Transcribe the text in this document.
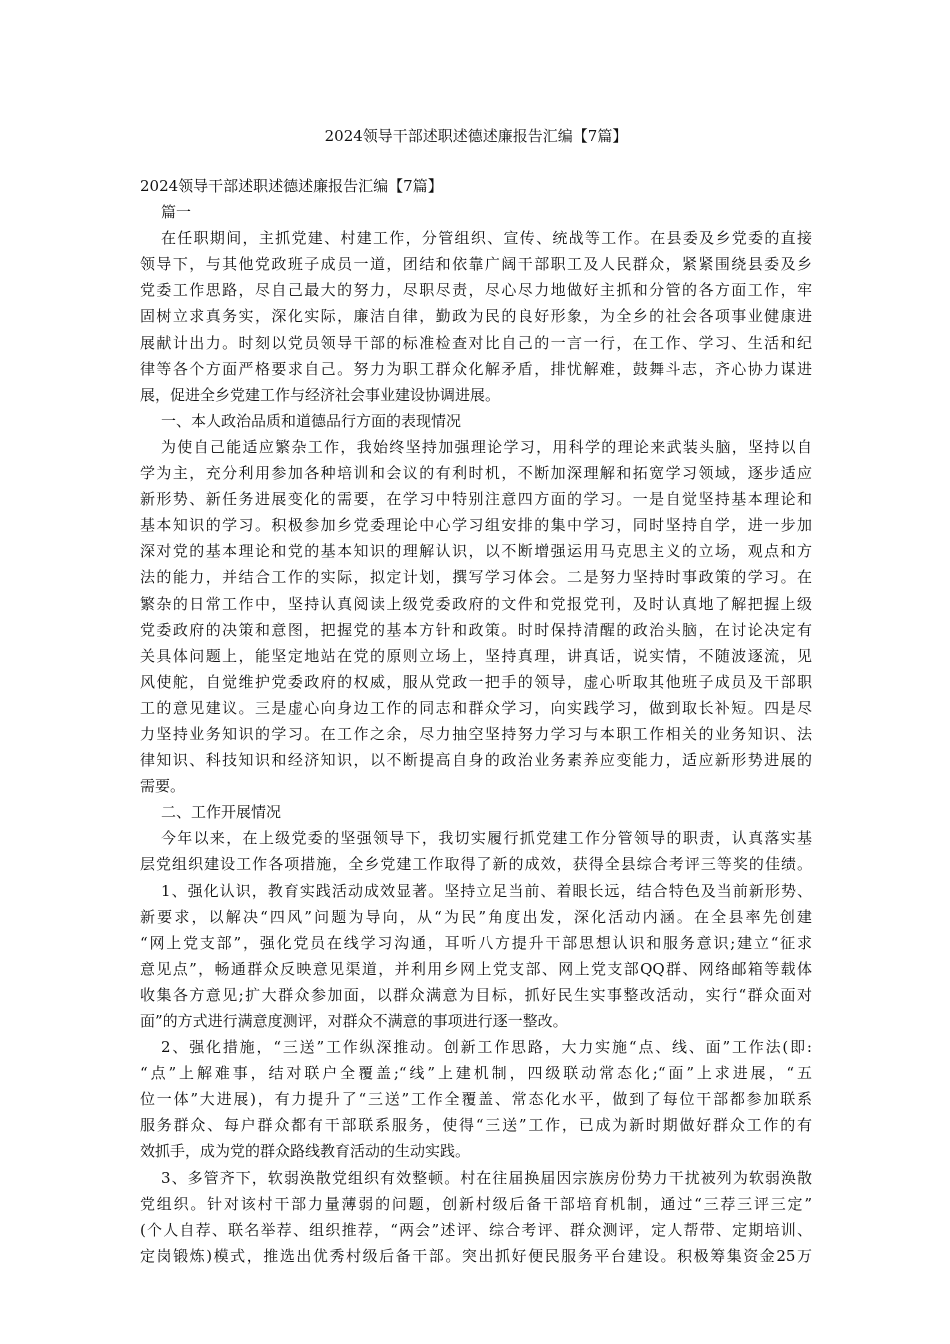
2024领导干部述职述德述廉报告汇编【7篇】
2024领导干部述职述德述廉报告汇编【7篇】
篇一
在任职期间，主抓党建、村建工作，分管组织、宣传、统战等工作。在县委及乡党委的直接
领导下，与其他党政班子成员一道，团结和依靠广阔干部职工及人民群众，紧紧围绕县委及乡
党委工作思路，尽自己最大的努力，尽职尽责，尽心尽力地做好主抓和分管的各方面工作，牢
固树立求真务实，深化实际，廉洁自律，勤政为民的良好形象，为全乡的社会各项事业健康进
展献计出力。时刻以党员领导干部的标准检查对比自己的一言一行，在工作、学习、生活和纪
律等各个方面严格要求自己。努力为职工群众化解矛盾，排忧解难，鼓舞斗志，齐心协力谋进
展，促进全乡党建工作与经济社会事业建设协调进展。
一、本人政治品质和道德品行方面的表现情况
为使自己能适应繁杂工作，我始终坚持加强理论学习，用科学的理论来武装头脑，坚持以自
学为主，充分利用参加各种培训和会议的有利时机，不断加深理解和拓宽学习领域，逐步适应
新形势、新任务进展变化的需要，在学习中特别注意四方面的学习。一是自觉坚持基本理论和
基本知识的学习。积极参加乡党委理论中心学习组安排的集中学习，同时坚持自学，进一步加
深对党的基本理论和党的基本知识的理解认识，以不断增强运用马克思主义的立场，观点和方
法的能力，并结合工作的实际，拟定计划，撰写学习体会。二是努力坚持时事政策的学习。在
繁杂的日常工作中，坚持认真阅读上级党委政府的文件和党报党刊，及时认真地了解把握上级
党委政府的决策和意图，把握党的基本方针和政策。时时保持清醒的政治头脑，在讨论决定有
关具体问题上，能坚定地站在党的原则立场上，坚持真理，讲真话，说实情，不随波逐流，见
风使舵，自觉维护党委政府的权威，服从党政一把手的领导，虚心听取其他班子成员及干部职
工的意见建议。三是虚心向身边工作的同志和群众学习，向实践学习，做到取长补短。四是尽
力坚持业务知识的学习。在工作之余，尽力抽空坚持努力学习与本职工作相关的业务知识、法
律知识、科技知识和经济知识，以不断提高自身的政治业务素养应变能力，适应新形势进展的
需要。
二、工作开展情况
今年以来，在上级党委的坚强领导下，我切实履行抓党建工作分管领导的职责，认真落实基
层党组织建设工作各项措施，全乡党建工作取得了新的成效，获得全县综合考评三等奖的佳绩。
1、强化认识，教育实践活动成效显著。坚持立足当前、着眼长远，结合特色及当前新形势、
新要求，以解决“四风”问题为导向，从“为民”角度出发，深化活动内涵。在全县率先创建
“网上党支部”，强化党员在线学习沟通，耳听八方提升干部思想认识和服务意识;建立“征求
意见点”，畅通群众反映意见渠道，并利用乡网上党支部、网上党支部QQ群、网络邮箱等载体
收集各方意见;扩大群众参加面，以群众满意为目标，抓好民生实事整改活动，实行“群众面对
面”的方式进行满意度测评，对群众不满意的事项进行逐一整改。
2、强化措施，“三送”工作纵深推动。创新工作思路，大力实施“点、线、面”工作法(即:
“点”上解难事，结对联户全覆盖;“线”上建机制，四级联动常态化;“面”上求进展，“五
位一体”大进展)，有力提升了“三送”工作全覆盖、常态化水平，做到了每位干部都参加联系
服务群众、每户群众都有干部联系服务，使得“三送”工作，已成为新时期做好群众工作的有
效抓手，成为党的群众路线教育活动的生动实践。
3、多管齐下，软弱涣散党组织有效整顿。村在往届换届因宗族房份势力干扰被列为软弱涣散
党组织。针对该村干部力量薄弱的问题，创新村级后备干部培育机制，通过“三荐三评三定”
(个人自荐、联名举荐、组织推荐，“两会”述评、综合考评、群众测评，定人帮带、定期培训、
定岗锻炼)模式，推选出优秀村级后备干部。突出抓好便民服务平台建设。积极筹集资金25万
